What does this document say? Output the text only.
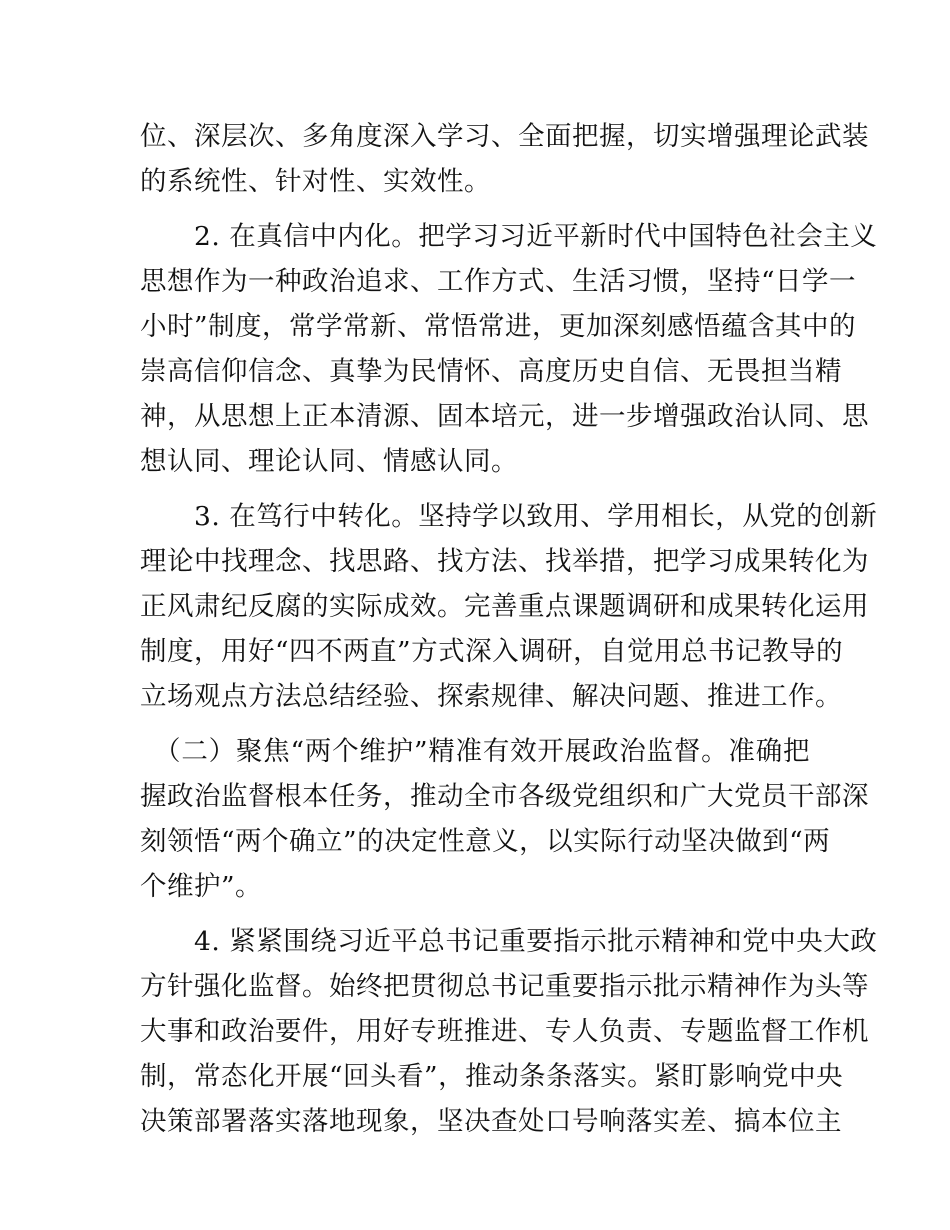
位、深层次、多角度深入学习、全面把握，切实增强理论武装
的系统性、针对性、实效性。
　　2. 在真信中内化。把学习习近平新时代中国特色社会主义
思想作为一种政治追求、工作方式、生活习惯，坚持“日学一
小时”制度，常学常新、常悟常进，更加深刻感悟蕴含其中的
崇高信仰信念、真挚为民情怀、高度历史自信、无畏担当精
神，从思想上正本清源、固本培元，进一步增强政治认同、思
想认同、理论认同、情感认同。
　　3. 在笃行中转化。坚持学以致用、学用相长，从党的创新
理论中找理念、找思路、找方法、找举措，把学习成果转化为
正风肃纪反腐的实际成效。完善重点课题调研和成果转化运用
制度，用好“四不两直”方式深入调研，自觉用总书记教导的
立场观点方法总结经验、探索规律、解决问题、推进工作。
　（二）聚焦“两个维护”精准有效开展政治监督。准确把
握政治监督根本任务，推动全市各级党组织和广大党员干部深
刻领悟“两个确立”的决定性意义，以实际行动坚决做到“两
个维护”。
　　4. 紧紧围绕习近平总书记重要指示批示精神和党中央大政
方针强化监督。始终把贯彻总书记重要指示批示精神作为头等
大事和政治要件，用好专班推进、专人负责、专题监督工作机
制，常态化开展“回头看”，推动条条落实。紧盯影响党中央
决策部署落实落地现象，坚决查处口号响落实差、搞本位主
